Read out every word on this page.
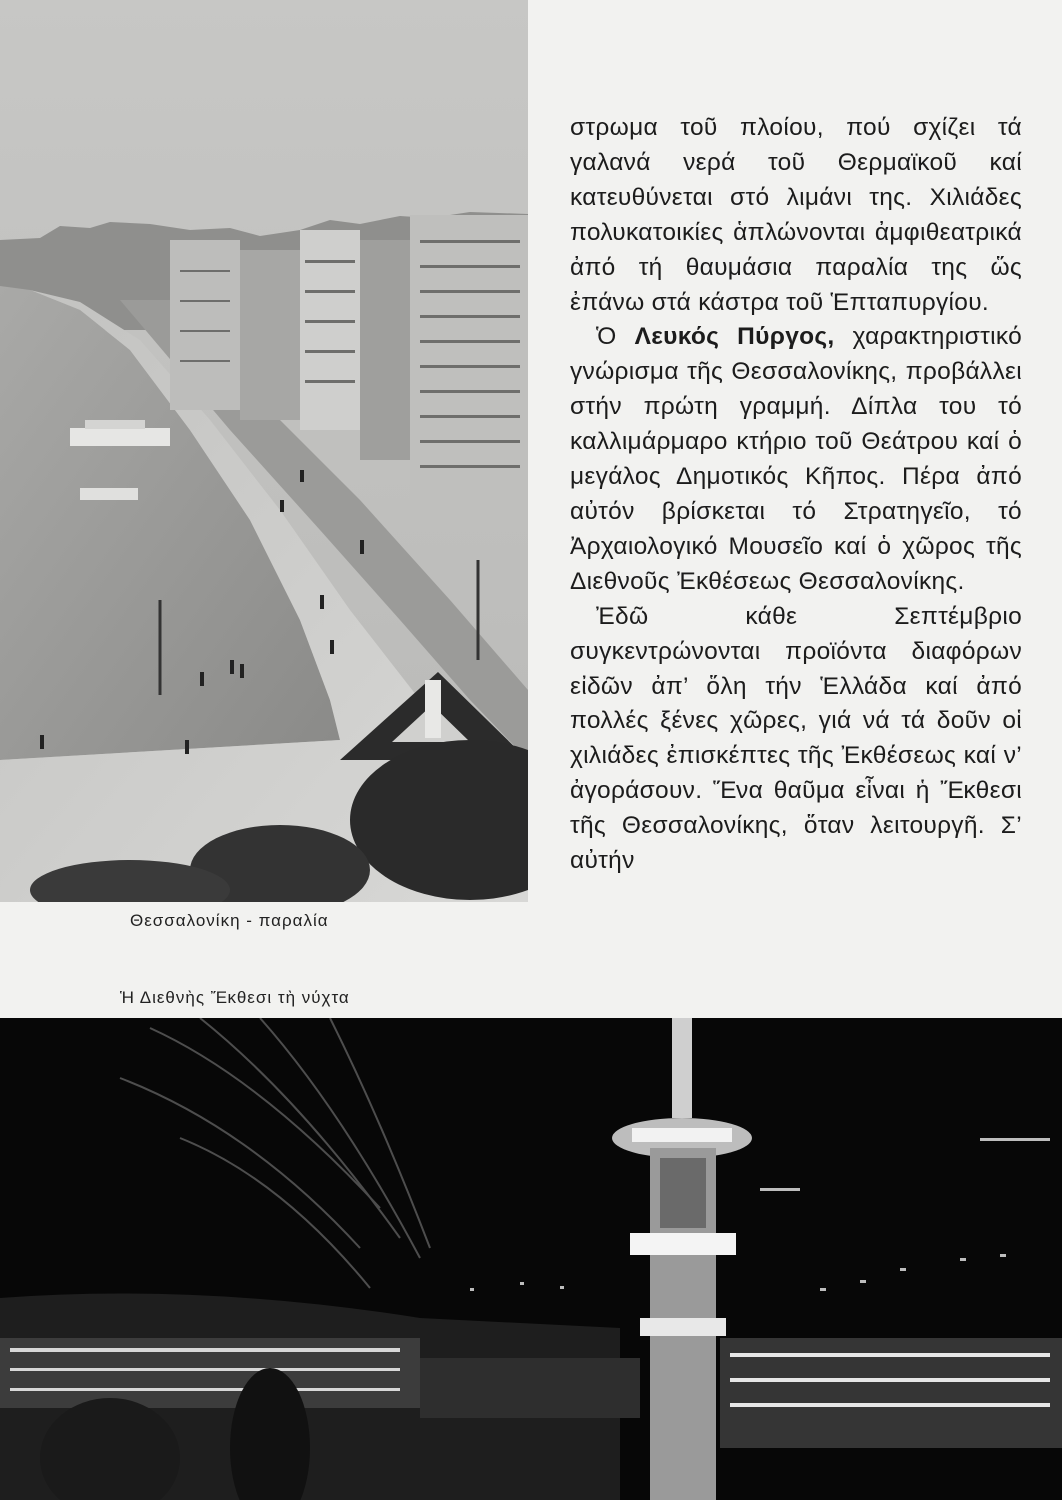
Θεσσαλονίκη - παραλία
Ἡ Διεθνὴς Ἔκθεσι τὴ νύχτα

στρωμα τοῦ πλοίου, πού σχίζει τά γαλανά νερά τοῦ Θερμαϊκοῦ καί κατευθύνεται στό λιμάνι της. Χιλιάδες πολυκατοικίες ἁπλώνονται ἀμφιθεατρικά ἀπό τή θαυμάσια παραλία της ὥς ἐπάνω στά κάστρα τοῦ Ἑπταπυργίου.

Ὁ Λευκός Πύργος, χαρακτηριστικό γνώρισμα τῆς Θεσσαλονίκης, προβάλλει στήν πρώτη γραμμή. Δίπλα του τό καλλιμάρμαρο κτήριο τοῦ Θεάτρου καί ὁ μεγάλος Δημοτικός Κῆπος. Πέρα ἀπό αὐτόν βρίσκεται τό Στρατηγεῖο, τό Ἀρχαιολογικό Μουσεῖο καί ὁ χῶρος τῆς Διεθνοῦς Ἐκθέσεως Θεσσαλονίκης.

Ἐδῶ κάθε Σεπτέμβριο συγκεντρώνονται προϊόντα διαφόρων εἰδῶν ἀπ’ ὅλη τήν Ἑλλάδα καί ἀπό πολλές ξένες χῶρες, γιά νά τά δοῦν οἱ χιλιάδες ἐπισκέπτες τῆς Ἐκθέσεως καί ν’ ἀγοράσουν. Ἕνα θαῦμα εἶναι ἡ Ἔκθεσι τῆς Θεσσαλονίκης, ὅταν λειτουργῆ. Σ’ αὐτήν
